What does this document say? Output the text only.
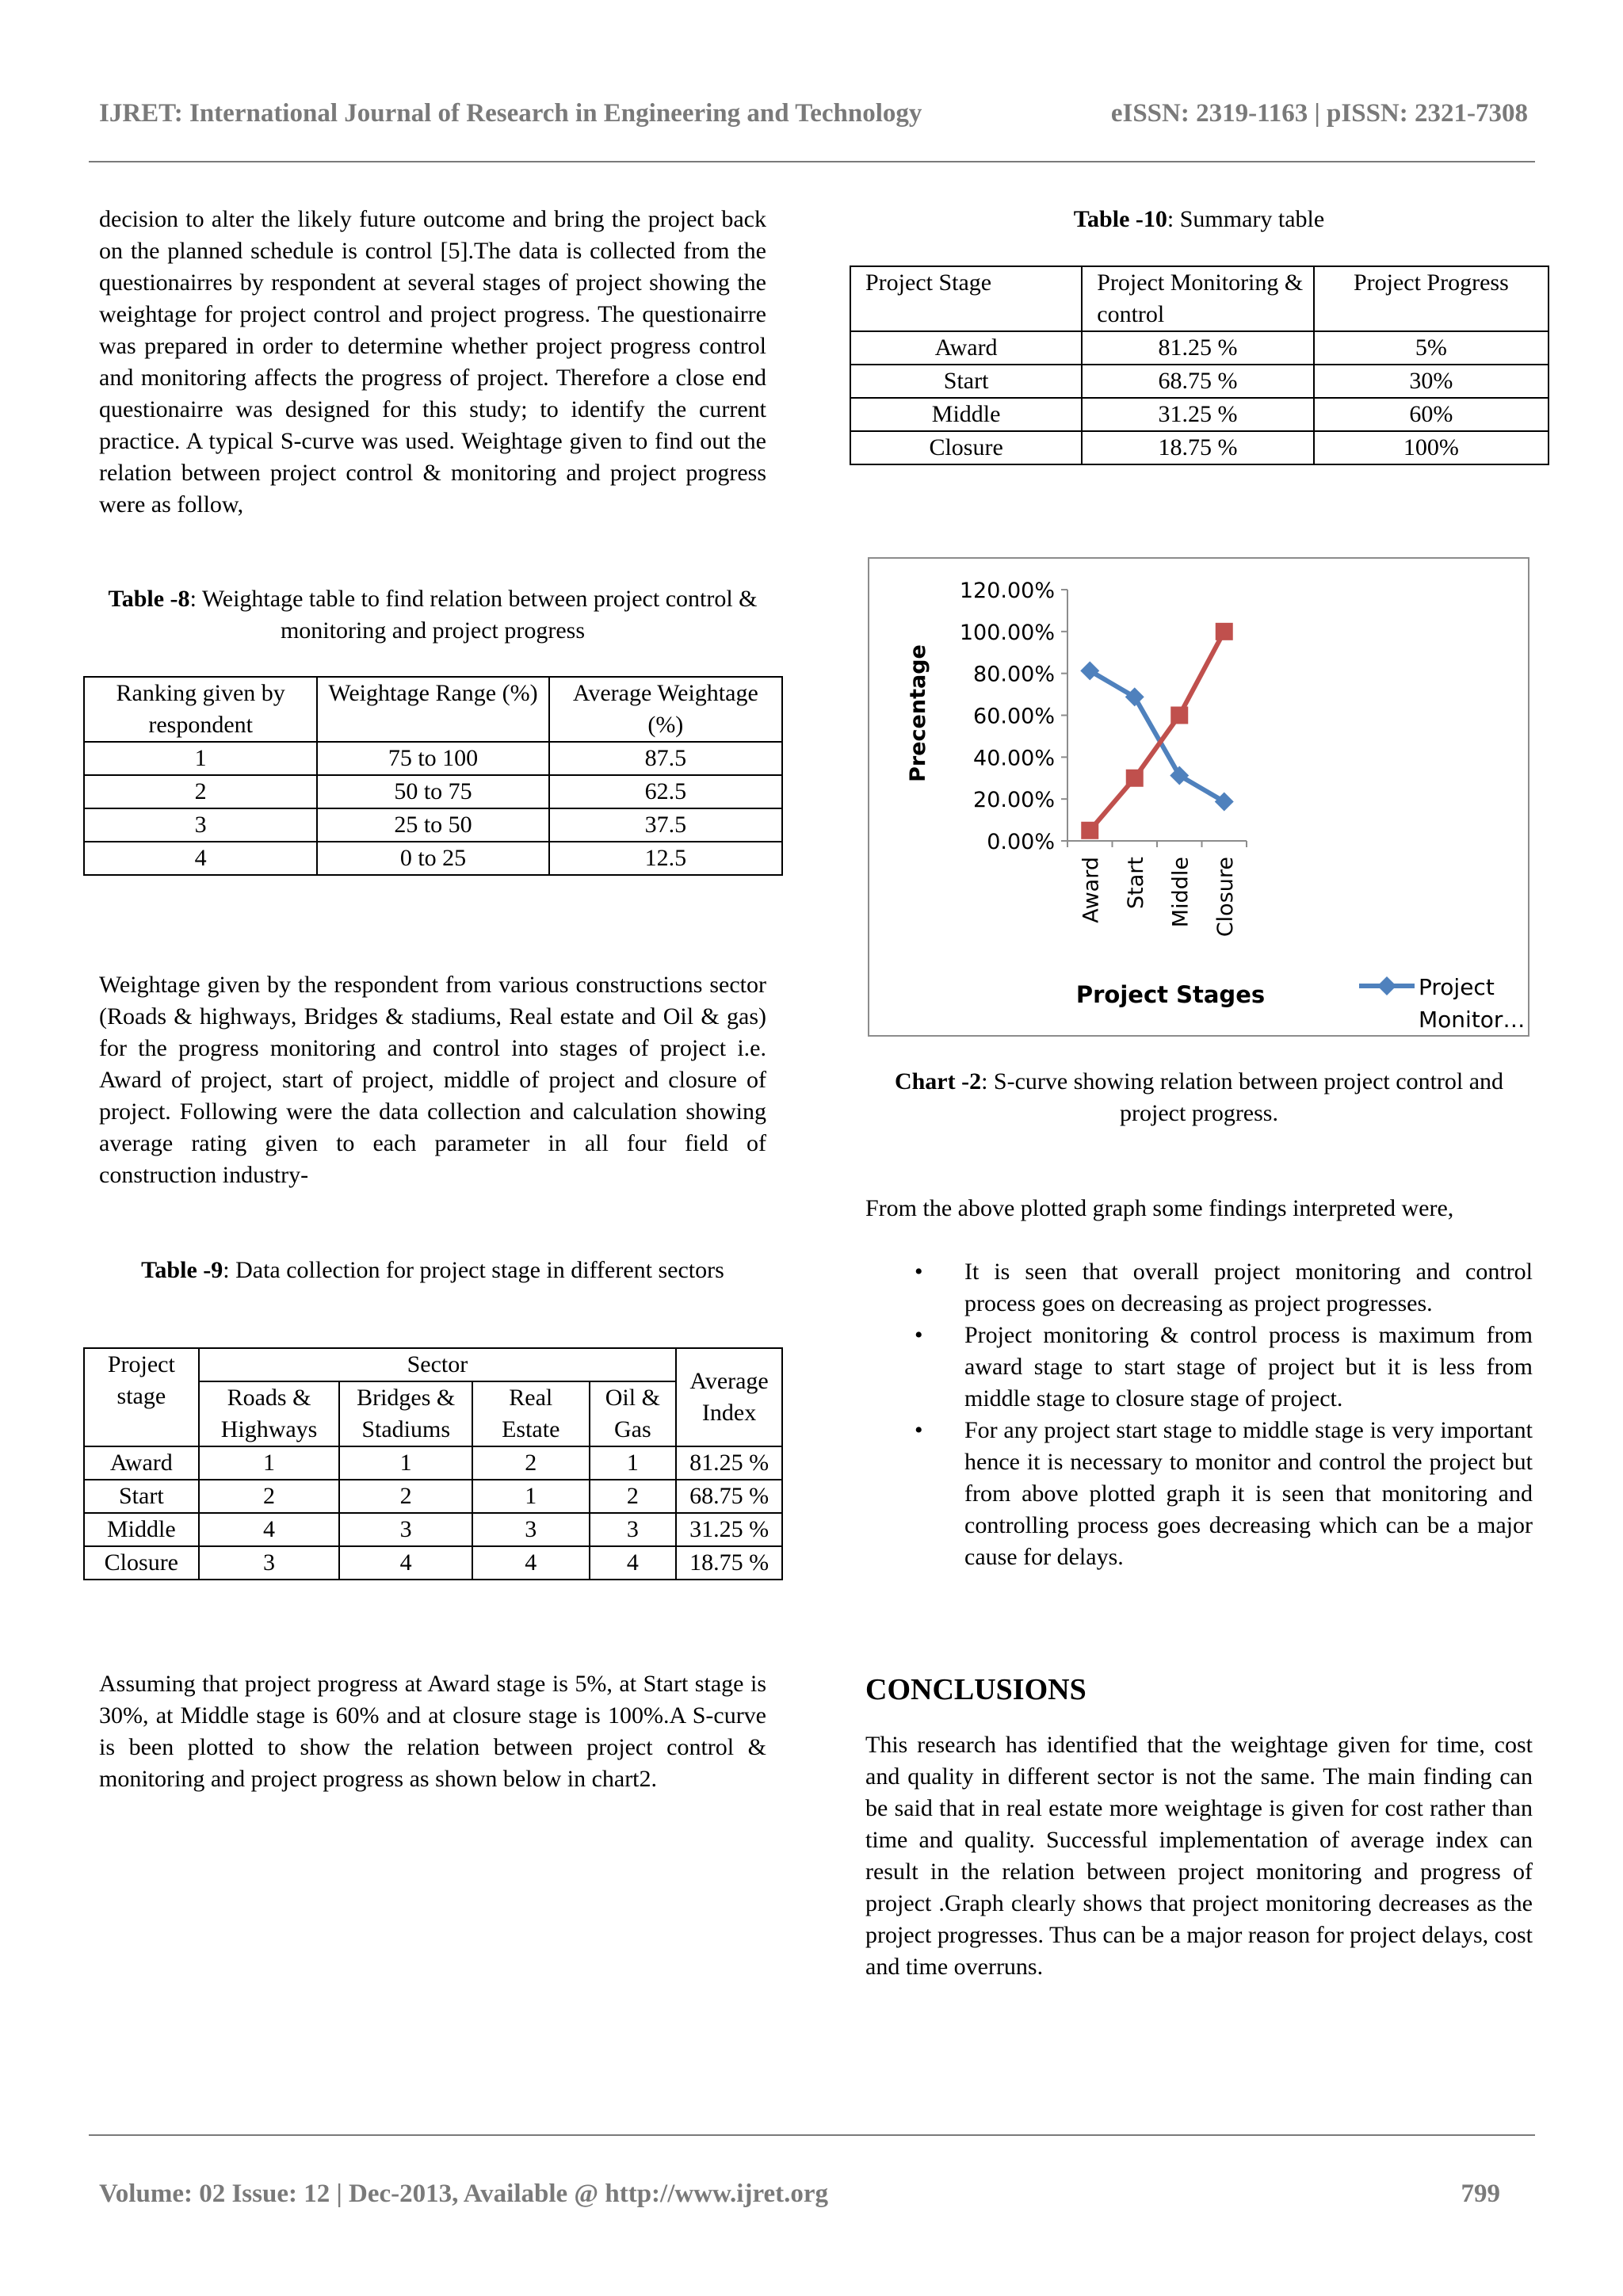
IJRET: International Journal of Research in Engineering and Technology	eISSN: 2319-1163 | pISSN: 2321-7308

decision to alter the likely future outcome and bring the project back on the planned schedule is control [5].The data is collected from the questionairres by respondent at several stages of project showing the weightage for project control and project progress. The questionairre was prepared in order to determine whether project progress control and monitoring affects the progress of project. Therefore a close end questionairre was designed for this study; to identify the current practice. A typical S-curve was used. Weightage given to find out the relation between project control & monitoring and project progress were as follow,

Table -8: Weightage table to find relation between project control & monitoring and project progress
Ranking given by respondent	Weightage Range (%)	Average Weightage (%)
1	75 to 100	87.5
2	50 to 75	62.5
3	25 to 50	37.5
4	0 to 25	12.5

Weightage given by the respondent from various constructions sector (Roads & highways, Bridges & stadiums, Real estate and Oil & gas) for the progress monitoring and control into stages of project i.e. Award of project, start of project, middle of project and closure of project. Following were the data collection and calculation showing average rating given to each parameter in all four field of construction industry-

Table -9: Data collection for project stage in different sectors
Project stage	Sector				Average Index
	Roads & Highways	Bridges & Stadiums	Real Estate	Oil & Gas	
Award	1	1	2	1	81.25 %
Start	2	2	1	2	68.75 %
Middle	4	3	3	3	31.25 %
Closure	3	4	4	4	18.75 %

Assuming that project progress at Award stage is 5%, at Start stage is 30%, at Middle stage is 60% and at closure stage is 100%.A S-curve is been plotted to show the relation between project control & monitoring and project progress as shown below in chart2.

Table -10: Summary table
Project Stage	Project Monitoring & control	Project Progress
Award	81.25 %	5%
Start	68.75 %	30%
Middle	31.25 %	60%
Closure	18.75 %	100%
120.00%
100.00%
80.00%
60.00%
40.00%
20.00%
0.00%
Award Start Middle Closure
Precentage
Project Stages	Project
Monitor…
Chart -2: S-curve showing relation between project control and project progress.

From the above plotted graph some findings interpreted were,

• It is seen that overall project monitoring and control process goes on decreasing as project progresses.
• Project monitoring & control process is maximum from award stage to start stage of project but it is less from middle stage to closure stage of project.
• For any project start stage to middle stage is very important hence it is necessary to monitor and control the project but from above plotted graph it is seen that monitoring and controlling process goes decreasing which can be a major cause for delays.
CONCLUSIONS

This research has identified that the weightage given for time, cost and quality in different sector is not the same. The main finding can be said that in real estate more weightage is given for cost rather than time and quality. Successful implementation of average index can result in the relation between project monitoring and progress of project .Graph clearly shows that project monitoring decreases as the project progresses. Thus can be a major reason for project delays, cost and time overruns.

Volume: 02 Issue: 12 | Dec-2013, Available @ http://www.ijret.org	799
